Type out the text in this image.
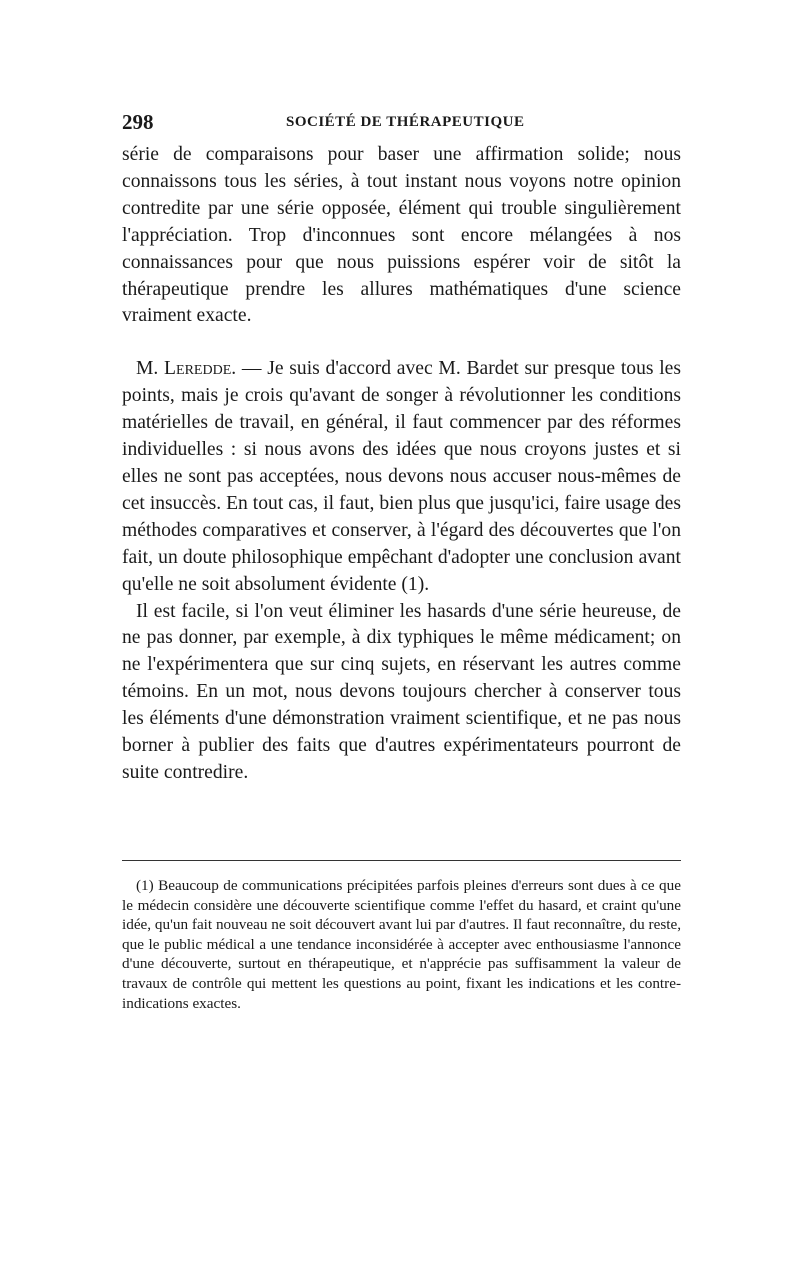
298	SOCIÉTÉ DE THÉRAPEUTIQUE

série de comparaisons pour baser une affirmation solide; nous connaissons tous les séries, à tout instant nous voyons notre opinion contredite par une série opposée, élément qui trouble singulièrement l'appréciation. Trop d'inconnues sont encore mélangées à nos connaissances pour que nous puissions espérer voir de sitôt la thérapeutique prendre les allures mathématiques d'une science vraiment exacte.

M. Leredde. — Je suis d'accord avec M. Bardet sur presque tous les points, mais je crois qu'avant de songer à révolutionner les conditions matérielles de travail, en général, il faut commencer par des réformes individuelles : si nous avons des idées que nous croyons justes et si elles ne sont pas acceptées, nous devons nous accuser nous-mêmes de cet insuccès. En tout cas, il faut, bien plus que jusqu'ici, faire usage des méthodes comparatives et conserver, à l'égard des découvertes que l'on fait, un doute philosophique empêchant d'adopter une conclusion avant qu'elle ne soit absolument évidente (1).

Il est facile, si l'on veut éliminer les hasards d'une série heureuse, de ne pas donner, par exemple, à dix typhiques le même médicament; on ne l'expérimentera que sur cinq sujets, en réservant les autres comme témoins. En un mot, nous devons toujours chercher à conserver tous les éléments d'une démonstration vraiment scientifique, et ne pas nous borner à publier des faits que d'autres expérimentateurs pourront de suite contredire.

(1) Beaucoup de communications précipitées parfois pleines d'erreurs sont dues à ce que le médecin considère une découverte scientifique comme l'effet du hasard, et craint qu'une idée, qu'un fait nouveau ne soit découvert avant lui par d'autres. Il faut reconnaître, du reste, que le public médical a une tendance inconsidérée à accepter avec enthousiasme l'annonce d'une découverte, surtout en thérapeutique, et n'apprécie pas suffisamment la valeur de travaux de contrôle qui mettent les questions au point, fixant les indications et les contre-indications exactes.
